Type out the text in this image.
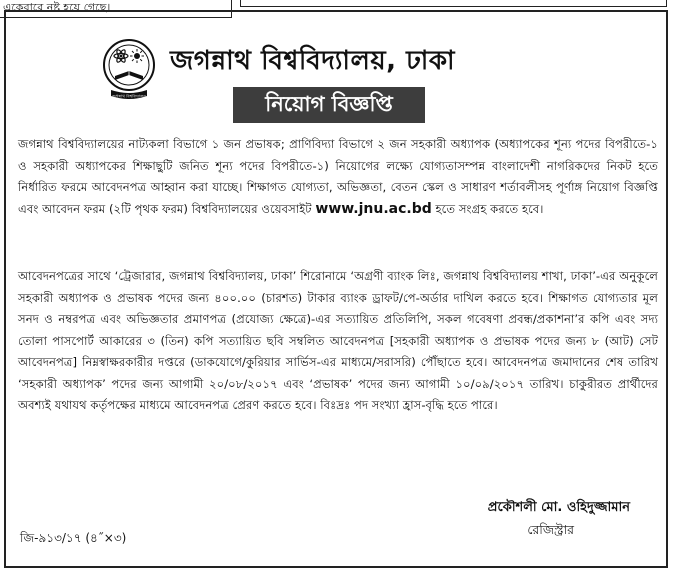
একেবারে নষ্ট হয়ে গেছে।
জগন্নাথ বিশ্ববিদ্যালয়
জগন্নাথ বিশ্ববিদ্যালয়, ঢাকা
নিয়োগ বিজ্ঞপ্তি
জগন্নাথ বিশ্ববিদ্যালয়ের নাট্যকলা বিভাগে ১ জন প্রভাষক; প্রাণিবিদ্যা বিভাগে ২ জন সহকারী অধ্যাপক (অধ্যাপকের শূন্য পদের বিপরীতে-১ ও সহকারী অধ্যাপকের শিক্ষাছুটি জনিত শূন্য পদের বিপরীতে-১) নিয়োগের লক্ষ্যে যোগ্যতাসম্পন্ন বাংলাদেশী নাগরিকদের নিকট হতে নির্ধারিত ফরমে আবেদনপত্র আহ্বান করা যাচ্ছে। শিক্ষাগত যোগ্যতা, অভিজ্ঞতা, বেতন স্কেল ও সাধারণ শর্তাবলীসহ পূর্ণাঙ্গ নিয়োগ বিজ্ঞপ্তি এবং আবেদন ফরম (২টি পৃথক ফরম) বিশ্ববিদ্যালয়ের ওয়েবসাইট www.jnu.ac.bd হতে সংগ্রহ করতে হবে।
আবেদনপত্রের সাথে ‘ট্রেজারার, জগন্নাথ বিশ্ববিদ্যালয়, ঢাকা’ শিরোনামে ‘অগ্রণী ব্যাংক লিঃ, জগন্নাথ বিশ্ববিদ্যালয় শাখা, ঢাকা’-এর অনুকূলে সহকারী অধ্যাপক ও প্রভাষক পদের জন্য ৪০০.০০ (চারশত) টাকার ব্যাংক ড্রাফট/পে-অর্ডার দাখিল করতে হবে। শিক্ষাগত যোগ্যতার মূল সনদ ও নম্বরপত্র এবং অভিজ্ঞতার প্রমাণপত্র (প্রযোজ্য ক্ষেত্রে)-এর সত্যায়িত প্রতিলিপি, সকল গবেষণা প্রবন্ধ/প্রকাশনা’র কপি এবং সদ্য তোলা পাসপোর্ট আকারের ৩ (তিন) কপি সত্যায়িত ছবি সম্বলিত আবেদনপত্র [সহকারী অধ্যাপক ও প্রভাষক পদের জন্য ৮ (আট) সেট আবেদনপত্র] নিম্নস্বাক্ষরকারীর দপ্তরে (ডাকযোগে/কুরিয়ার সার্ভিস-এর মাধ্যমে/সরাসরি) পৌঁছাতে হবে। আবেদনপত্র জমাদানের শেষ তারিখ ‘সহকারী অধ্যাপক’ পদের জন্য আগামী ২০/০৮/২০১৭ এবং ‘প্রভাষক’ পদের জন্য আগামী ১০/০৯/২০১৭ তারিখ। চাকুরীরত প্রার্থীদের অবশ্যই যথাযথ কর্তৃপক্ষের মাধ্যমে আবেদনপত্র প্রেরণ করতে হবে। বিঃদ্রঃ পদ সংখ্যা হ্রাস-বৃদ্ধি হতে পারে।
প্রকৌশলী মো. ওহিদুজ্জামান
রেজিস্ট্রার
জি-৯১৩/১৭ (৪˝×৩)
